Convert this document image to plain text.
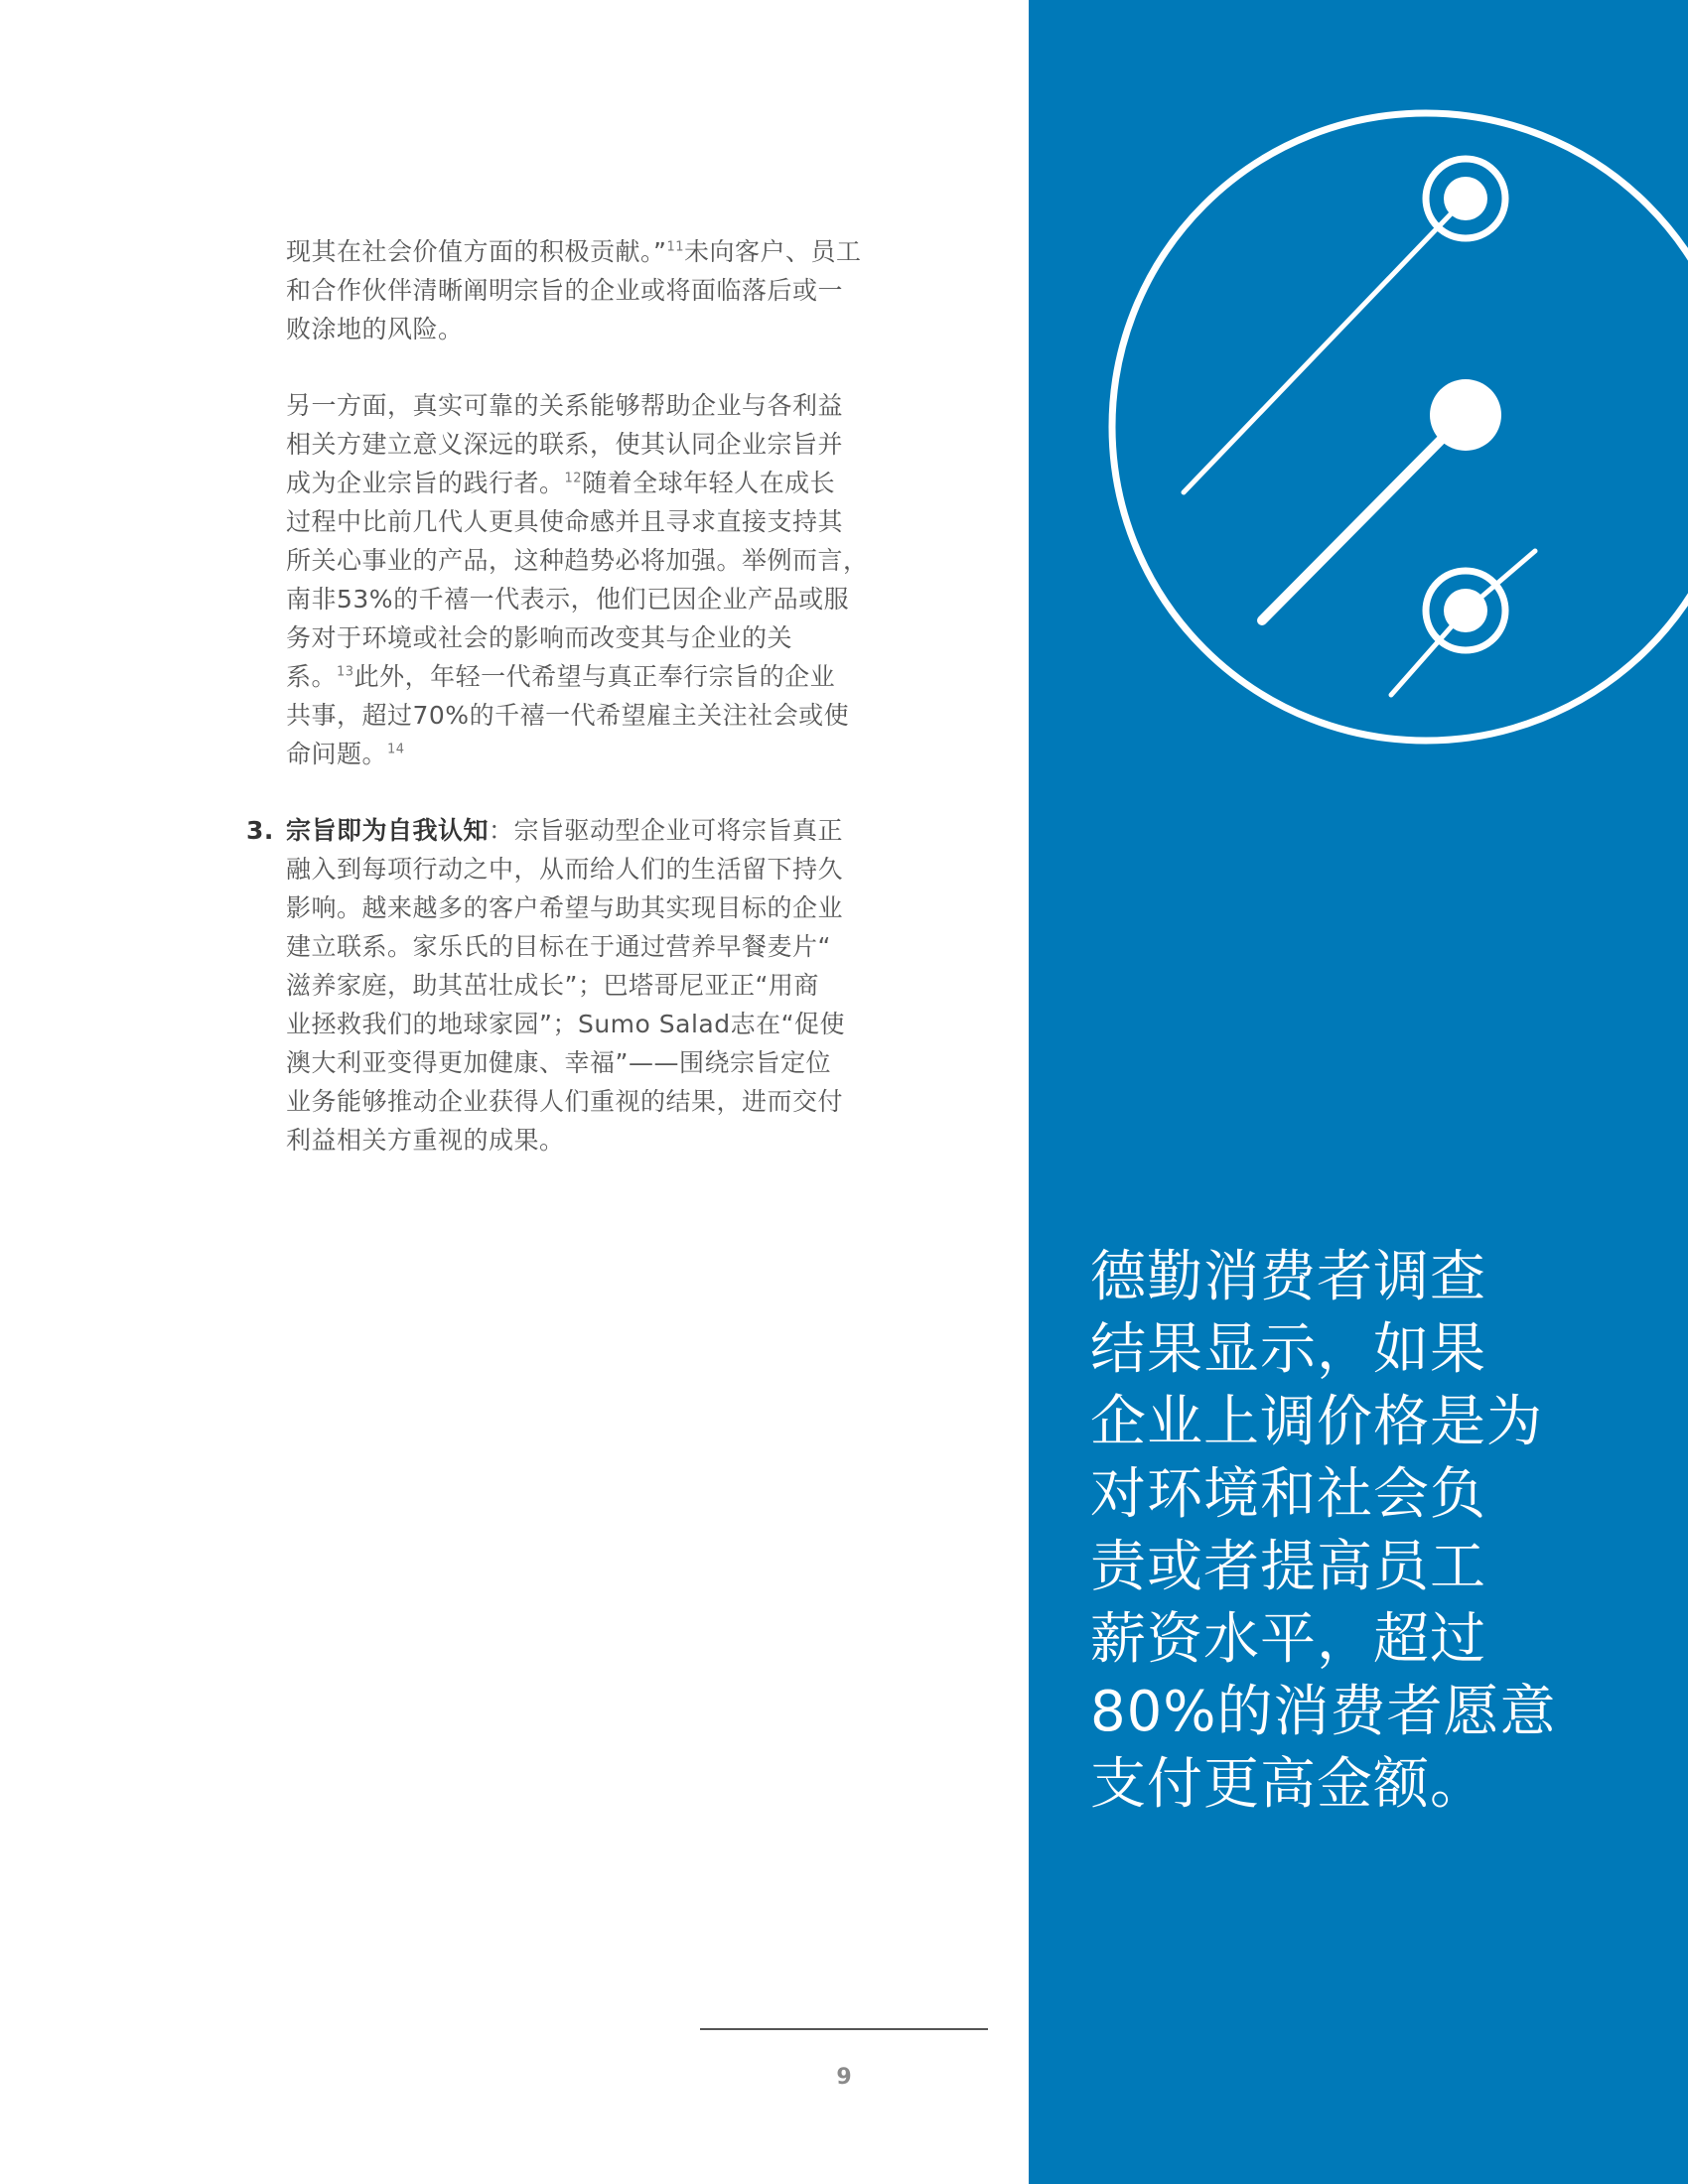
现其在社会价值方面的积极贡献。”$^{11}$未向客户、员工
和合作伙伴清晰阐明宗旨的企业或将面临落后或一
败涂地的风险。
另一方面，真实可靠的关系能够帮助企业与各利益
相关方建立意义深远的联系，使其认同企业宗旨并
成为企业宗旨的践行者。$^{12}$随着全球年轻人在成长
过程中比前几代人更具使命感并且寻求直接支持其
所关心事业的产品，这种趋势必将加强。举例而言，
南非53%的千禧一代表示，他们已因企业产品或服
务对于环境或社会的影响而改变其与企业的关
系。$^{13}$此外，年轻一代希望与真正奉行宗旨的企业
共事，超过70%的千禧一代希望雇主关注社会或使
命问题。$^{14}$
3. 宗旨即为自我认知：宗旨驱动型企业可将宗旨真正
融入到每项行动之中，从而给人们的生活留下持久
影响。越来越多的客户希望与助其实现目标的企业
建立联系。家乐氏的目标在于通过营养早餐麦片“
滋养家庭，助其茁壮成长”；巴塔哥尼亚正“用商
业拯救我们的地球家园”；Sumo Salad志在“促使
澳大利亚变得更加健康、幸福”——围绕宗旨定位
业务能够推动企业获得人们重视的结果，进而交付
利益相关方重视的成果。
9
德勤消费者调查
结果显示，如果
企业上调价格是为
对环境和社会负
责或者提高员工
薪资水平，超过
80%的消费者愿意
支付更高金额。
